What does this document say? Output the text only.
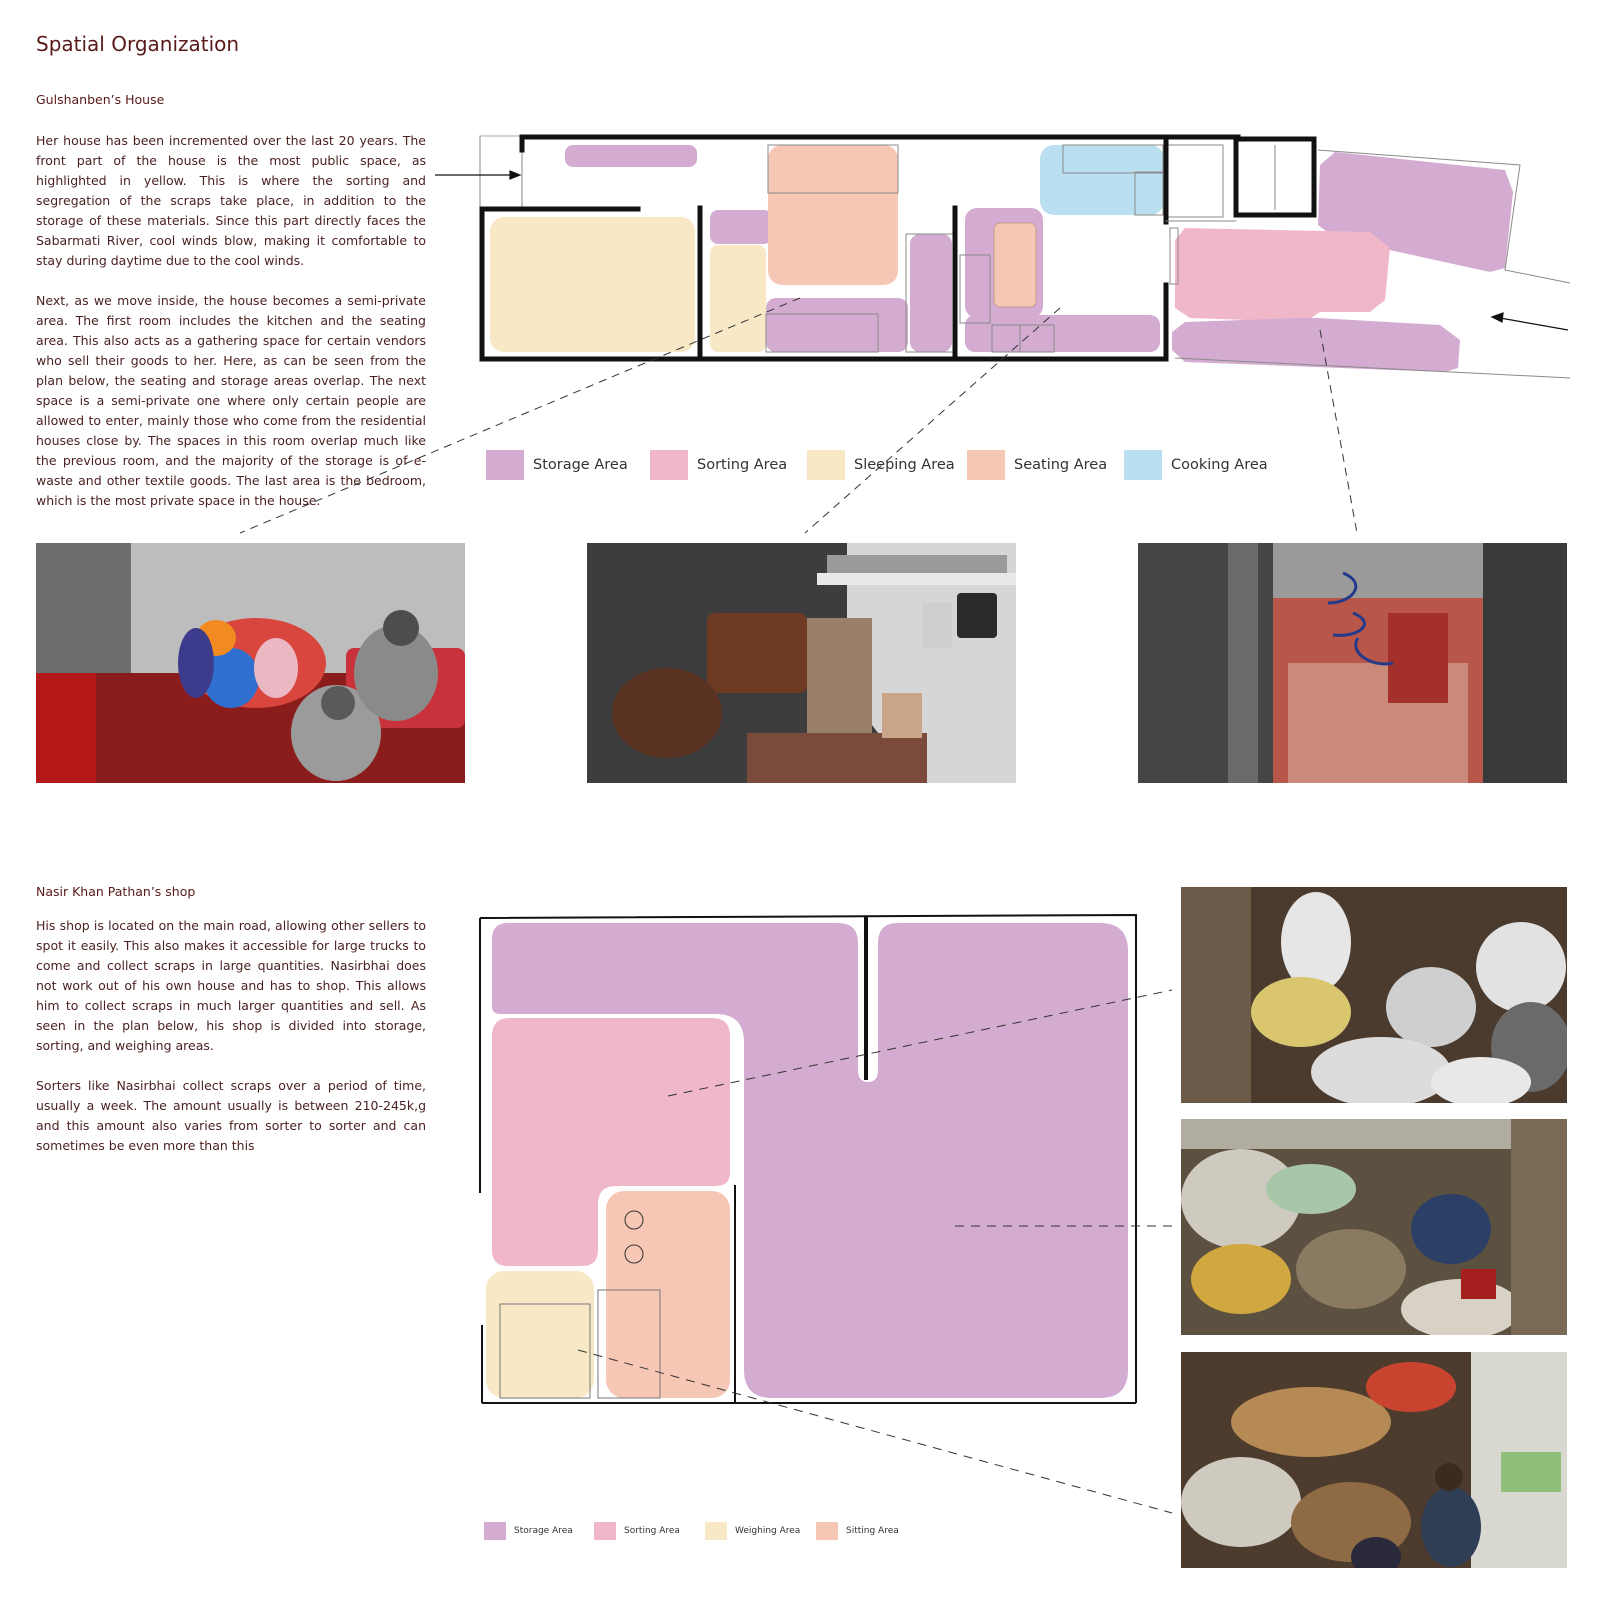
Spatial Organization
Gulshanben’s House

Her house has been incremented over the last 20 years. The front part of the house is the most public space, as highlighted in yellow. This is where the sorting and segregation of the scraps take place, in addition to the storage of these materials. Since this part directly faces the Sabarmati River, cool winds blow, making it comfortable to stay during daytime due to the cool winds.

Next, as we move inside, the house becomes a semi-private area. The first room includes the kitchen and the seating area. This also acts as a gathering space for certain vendors who sell their goods to her. Here, as can be seen from the plan below, the seating and storage areas overlap. The next space is a semi-private one where only certain people are allowed to enter, mainly those who come from the residential houses close by. The spaces in this room overlap much like the previous room, and the majority of the storage is of e-waste and other textile goods. The last area is the bedroom, which is the most private space in the house.

Storage Area	Sorting Area	Sleeping Area	Seating Area	Cooking Area
Nasir Khan Pathan’s shop

His shop is located on the main road, allowing other sellers to spot it easily. This also makes it accessible for large trucks to come and collect scraps in large quantities. Nasirbhai does not work out of his own house and has to shop. This allows him to collect scraps in much larger quantities and sell. As seen in the plan below, his shop is divided into storage, sorting, and weighing areas.

Sorters like Nasirbhai collect scraps over a period of time, usually a week. The amount usually is between 210-245k,g and this amount also varies from sorter to sorter and can sometimes be even more than this

Storage Area	Sorting Area	Weighing Area	Sitting Area
